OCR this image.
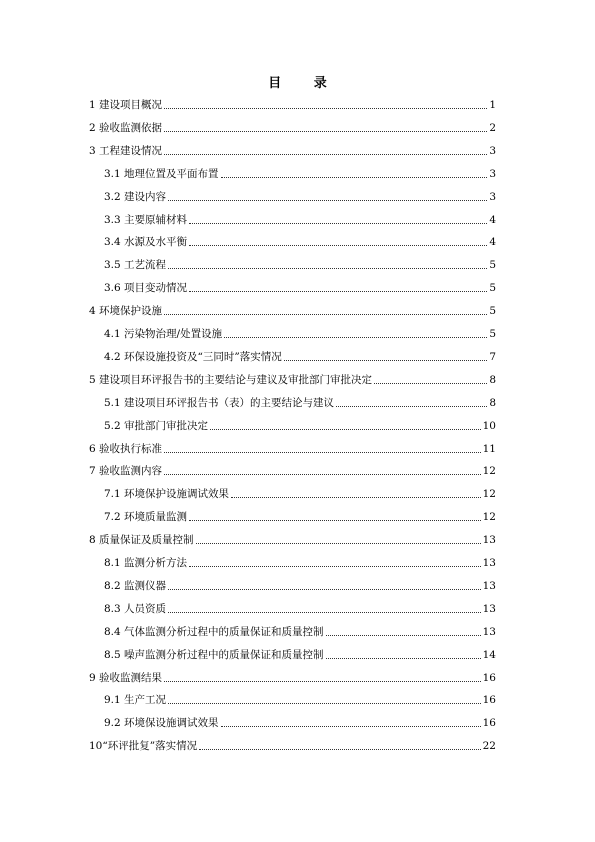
目 录
1 建设项目概况	1
2 验收监测依据	2
3 工程建设情况	3
3.1 地理位置及平面布置	3
3.2 建设内容	3
3.3 主要原辅材料	4
3.4 水源及水平衡	4
3.5 工艺流程	5
3.6 项目变动情况	5
4 环境保护设施	5
4.1 污染物治理/处置设施	5
4.2 环保设施投资及“三同时”落实情况	7
5 建设项目环评报告书的主要结论与建议及审批部门审批决定	8
5.1 建设项目环评报告书（表）的主要结论与建议	8
5.2 审批部门审批决定	10
6 验收执行标准	11
7 验收监测内容	12
7.1 环境保护设施调试效果	12
7.2 环境质量监测	12
8 质量保证及质量控制	13
8.1 监测分析方法	13
8.2 监测仪器	13
8.3 人员资质	13
8.4 气体监测分析过程中的质量保证和质量控制	13
8.5 噪声监测分析过程中的质量保证和质量控制	14
9 验收监测结果	16
9.1 生产工况	16
9.2 环境保设施调试效果	16
10“环评批复”落实情况	22
